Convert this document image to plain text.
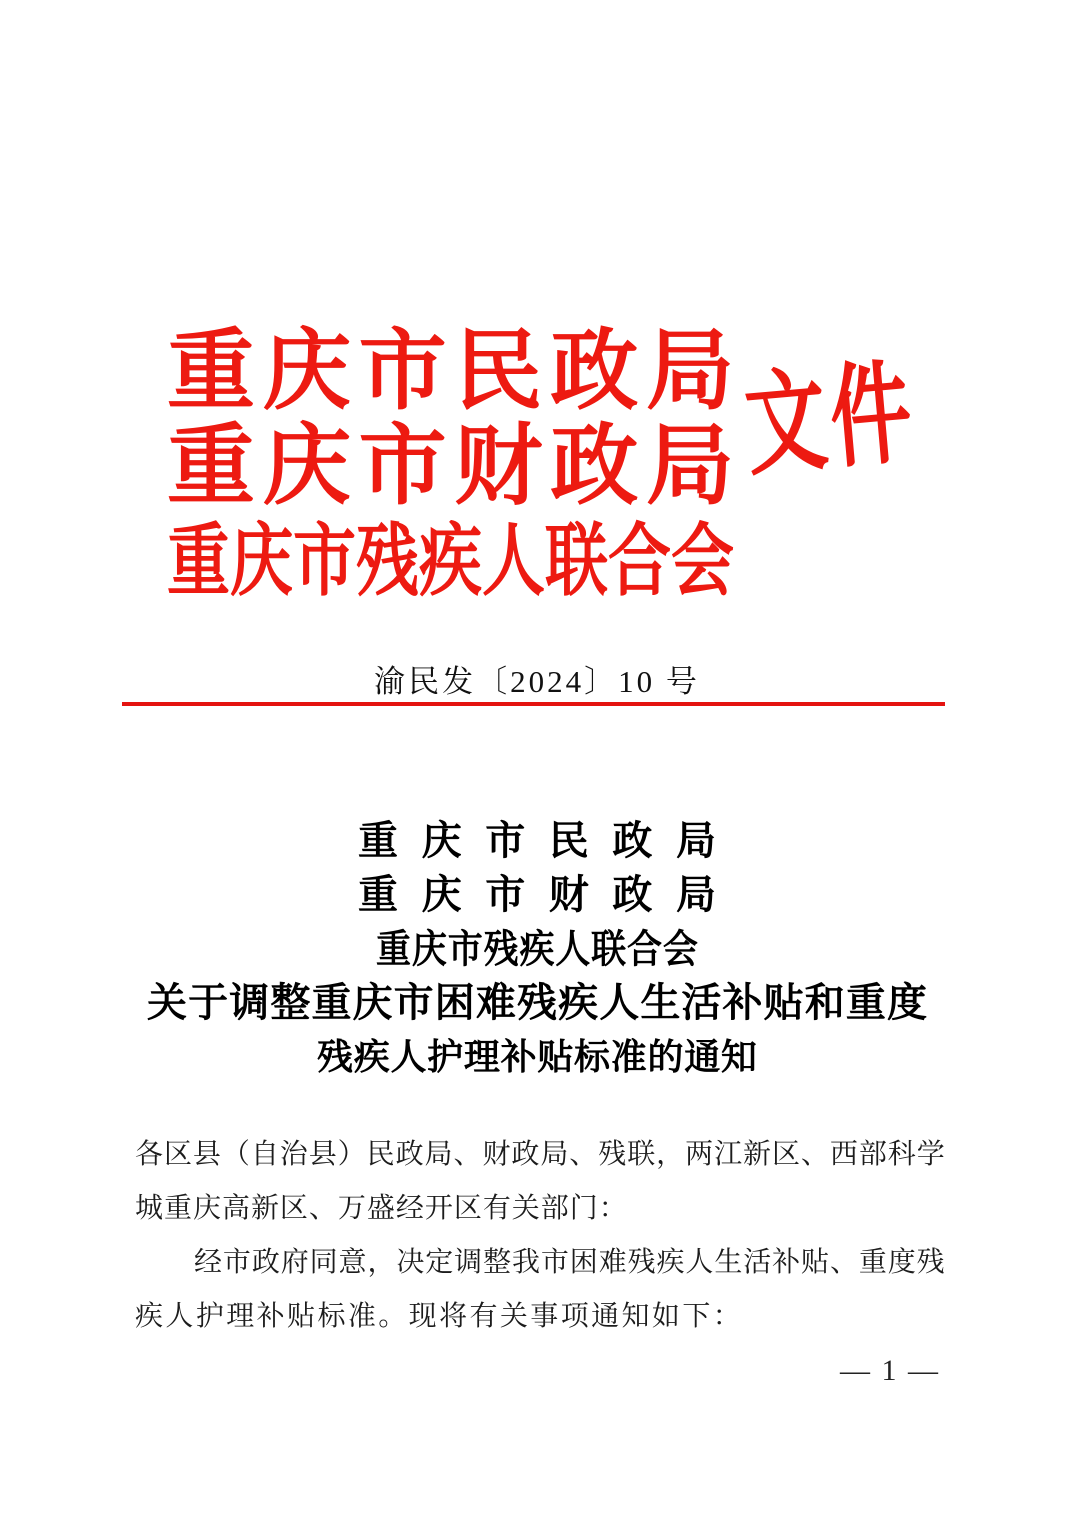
重 庆 市 民 政 局
重 庆 市 财 政 局
重 庆 市 残 疾 人 联 合 会
文件
渝民发〔2024〕10 号
重 庆 市 民 政 局
重 庆 市 财 政 局
重 庆 市 残 疾 人 联 合 会
关 于 调 整 重 庆 市 困 难 残 疾 人 生 活 补 贴 和 重 度
残 疾 人 护 理 补 贴 标 准 的 通 知
各 区 县 （ 自 治 县 ） 民 政 局 、 财 政 局 、 残 联 ， 两 江 新 区 、 西 部 科 学
城 重 庆 高 新 区 、 万 盛 经 开 区 有 关 部 门 ：
经 市 政 府 同 意 ， 决 定 调 整 我 市 困 难 残 疾 人 生 活 补 贴 、 重 度 残
疾 人 护 理 补 贴 标 准 。 现 将 有 关 事 项 通 知 如 下 ：
— 1 —
